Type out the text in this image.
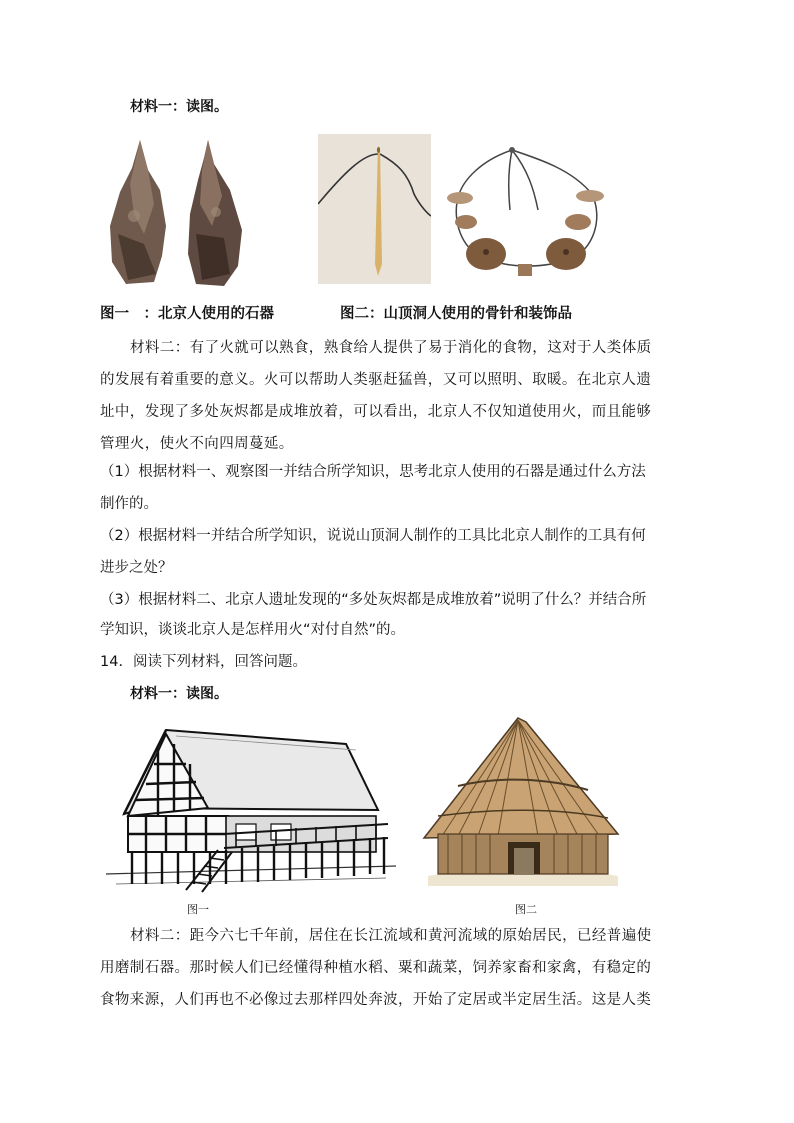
材料一：读图。
图一　：北京人使用的石器	图二：山顶洞人使用的骨针和装饰品
材料二：有了火就可以熟食，熟食给人提供了易于消化的食物，这对于人类体质
的发展有着重要的意义。火可以帮助人类驱赶猛兽，又可以照明、取暖。在北京人遗
址中，发现了多处灰烬都是成堆放着，可以看出，北京人不仅知道使用火，而且能够
管理火，使火不向四周蔓延。
（1）根据材料一、观察图一并结合所学知识，思考北京人使用的石器是通过什么方法
制作的。
（2）根据材料一并结合所学知识，说说山顶洞人制作的工具比北京人制作的工具有何
进步之处？
（3）根据材料二、北京人遗址发现的“多处灰烬都是成堆放着”说明了什么？并结合所
学知识，谈谈北京人是怎样用火“对付自然”的。
14．阅读下列材料，回答问题。
材料一：读图。
图一	图二
材料二：距今六七千年前，居住在长江流域和黄河流域的原始居民，已经普遍使
用磨制石器。那时候人们已经懂得种植水稻、粟和蔬菜，饲养家畜和家禽，有稳定的
食物来源，人们再也不必像过去那样四处奔波，开始了定居或半定居生活。这是人类
